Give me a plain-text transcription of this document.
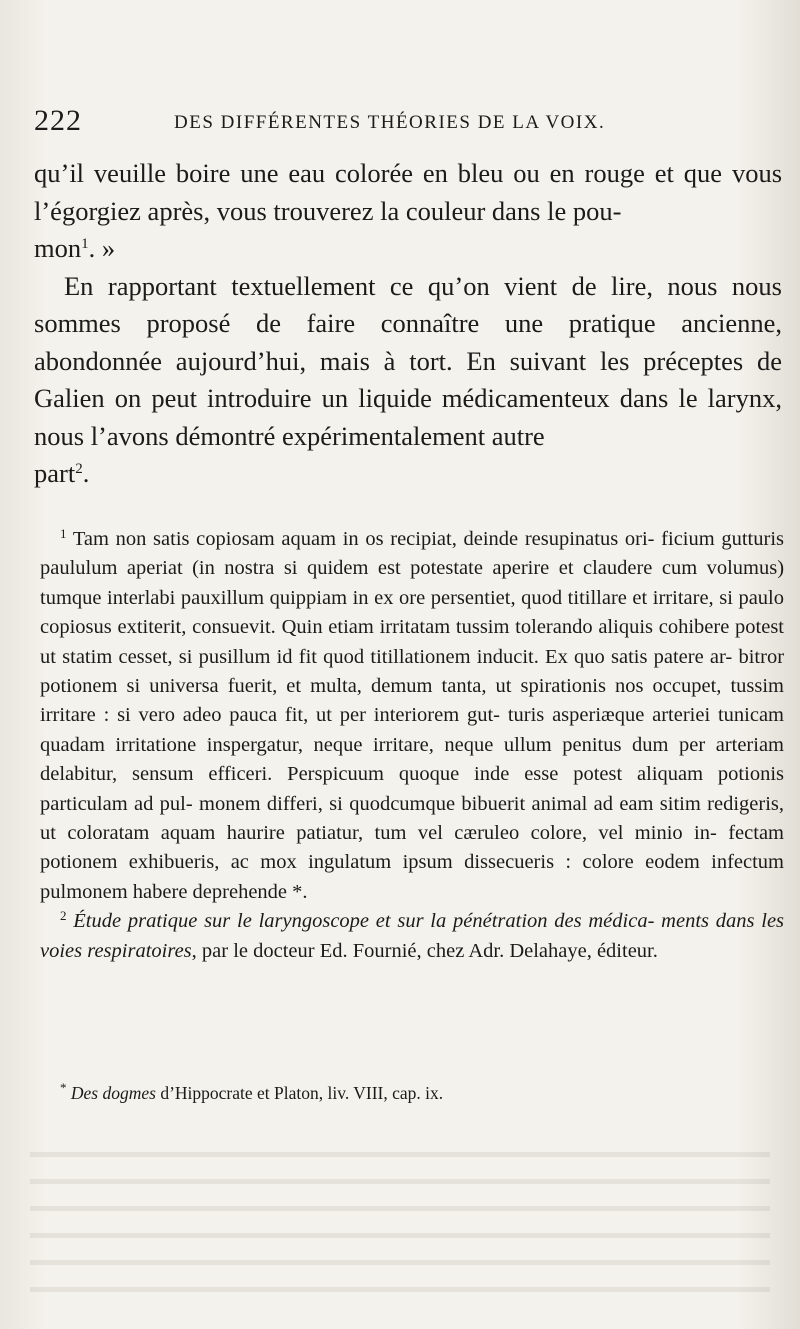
222	DES DIFFÉRENTES THÉORIES DE LA VOIX.

qu’il veuille boire une eau colorée en bleu ou en rouge et que vous l’égorgiez après, vous trouverez la couleur dans le pou-

mon$^1$. »

En rapportant textuellement ce qu’on vient de lire, nous nous sommes proposé de faire connaître une pratique ancienne, abondonnée aujourd’hui, mais à tort. En suivant les préceptes de Galien on peut introduire un liquide médicamenteux dans le larynx, nous l’avons démontré expérimentalement autre

part$^2$.

$^1$ Tam non satis copiosam aquam in os recipiat, deinde resupinatus ori- ficium gutturis paululum aperiat (in nostra si quidem est potestate aperire et claudere cum volumus) tumque interlabi pauxillum quippiam in ex ore persentiet, quod titillare et irritare, si paulo copiosus extiterit, consuevit. Quin etiam irritatam tussim tolerando aliquis cohibere potest ut statim cesset, si pusillum id fit quod titillationem inducit. Ex quo satis patere ar- bitror potionem si universa fuerit, et multa, demum tanta, ut spirationis nos occupet, tussim irritare : si vero adeo pauca fit, ut per interiorem gut- turis asperiæque arteriei tunicam quadam irritatione inspergatur, neque irritare, neque ullum penitus dum per arteriam delabitur, sensum efficeri. Perspicuum quoque inde esse potest aliquam potionis particulam ad pul- monem differi, si quodcumque bibuerit animal ad eam sitim redigeris, ut coloratam aquam haurire patiatur, tum vel cæruleo colore, vel minio in- fectam potionem exhibueris, ac mox ingulatum ipsum dissecueris : colore eodem infectum pulmonem habere deprehende *.

$^2$ Étude pratique sur le laryngoscope et sur la pénétration des médica- ments dans les voies respiratoires, par le docteur Ed. Fournié, chez Adr. Delahaye, éditeur.

* Des dogmes d’Hippocrate et Platon, liv. VIII, cap. ix.
